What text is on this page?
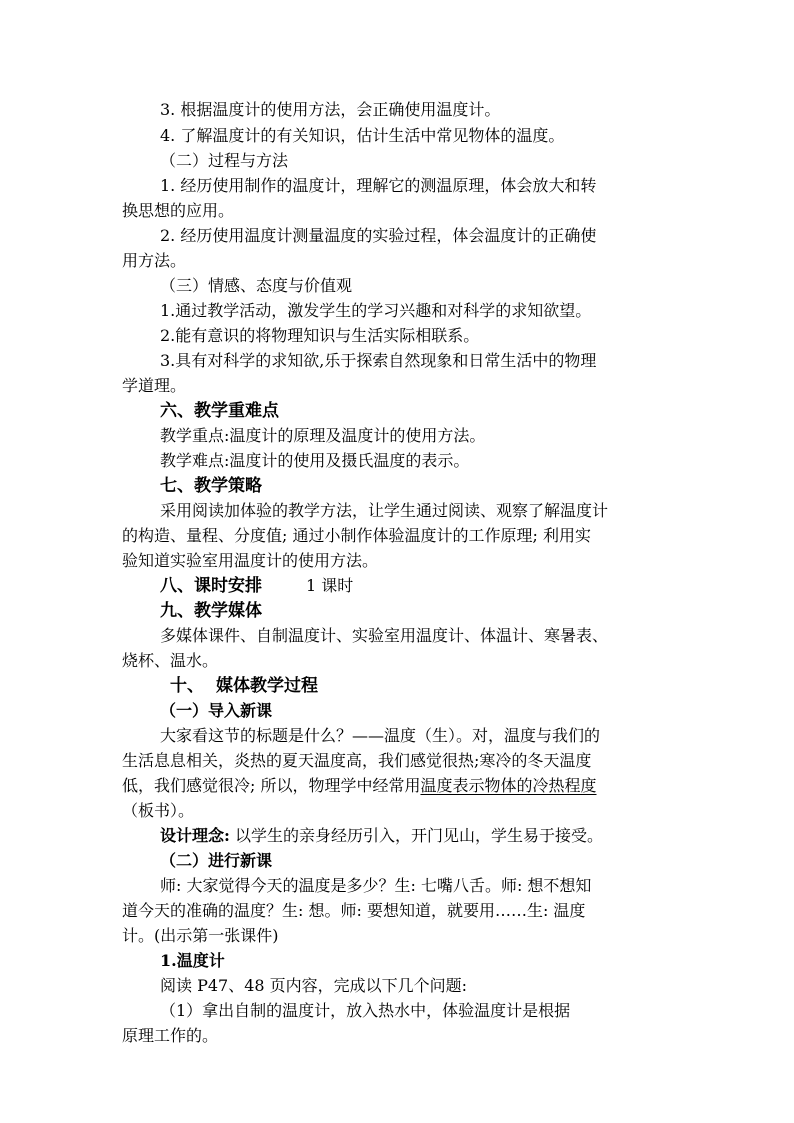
3. 根据温度计的使用方法，会正确使用温度计。
4. 了解温度计的有关知识，估计生活中常见物体的温度。
（二）过程与方法
1. 经历使用制作的温度计，理解它的测温原理，体会放大和转
换思想的应用。
2. 经历使用温度计测量温度的实验过程，体会温度计的正确使
用方法。
（三）情感、态度与价值观
1.通过教学活动，激发学生的学习兴趣和对科学的求知欲望。
2.能有意识的将物理知识与生活实际相联系。
3.具有对科学的求知欲,乐于探索自然现象和日常生活中的物理
学道理。
六、教学重难点
教学重点:温度计的原理及温度计的使用方法。
教学难点:温度计的使用及摄氏温度的表示。
七、教学策略
采用阅读加体验的教学方法，让学生通过阅读、观察了解温度计
的构造、量程、分度值; 通过小制作体验温度计的工作原理; 利用实
验知道实验室用温度计的使用方法。
八、课时安排	1 课时
九、教学媒体
多媒体课件、自制温度计、实验室用温度计、体温计、寒暑表、
烧杯、温水。
十、 媒体教学过程
（一）导入新课
大家看这节的标题是什么？——温度（生）。对，温度与我们的
生活息息相关，炎热的夏天温度高，我们感觉很热;寒冷的冬天温度
低，我们感觉很冷; 所以，物理学中经常用温度表示物体的冷热程度
（板书）。
设计理念: 以学生的亲身经历引入，开门见山，学生易于接受。
（二）进行新课
师: 大家觉得今天的温度是多少？生: 七嘴八舌。师: 想不想知
道今天的准确的温度？生: 想。师: 要想知道，就要用……生: 温度
计。(出示第一张课件)
1.温度计
阅读 P47、48 页内容，完成以下几个问题:
（1）拿出自制的温度计，放入热水中，体验温度计是根据
原理工作的。
